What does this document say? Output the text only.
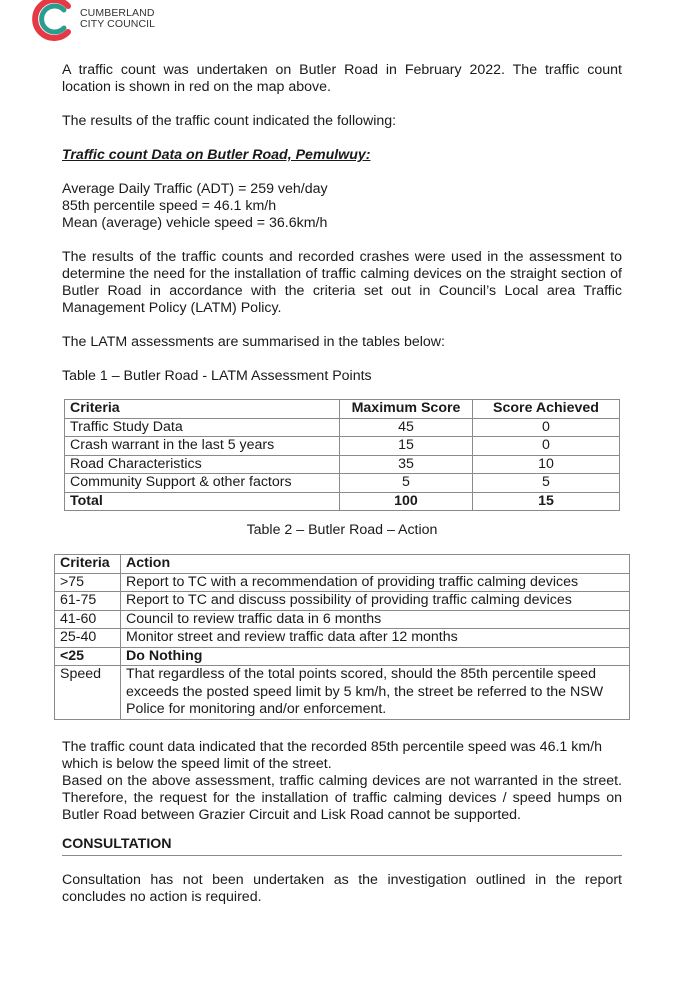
CUMBERLAND
CITY COUNCIL

A traffic count was undertaken on Butler Road in February 2022. The traffic count location is shown in red on the map above.

The results of the traffic count indicated the following:

Traffic count Data on Butler Road, Pemulwuy:

Average Daily Traffic (ADT) = 259 veh/day

85th percentile speed = 46.1 km/h

Mean (average) vehicle speed = 36.6km/h

The results of the traffic counts and recorded crashes were used in the assessment to determine the need for the installation of traffic calming devices on the straight section of Butler Road in accordance with the criteria set out in Council’s Local area Traffic Management Policy (LATM) Policy.

The LATM assessments are summarised in the tables below:

Table 1 – Butler Road - LATM Assessment Points

Criteria	Maximum Score	Score Achieved
Traffic Study Data	45	0
Crash warrant in the last 5 years	15	0
Road Characteristics	35	10
Community Support & other factors	5	5
Total	100	15

Table 2 – Butler Road – Action

Criteria	Action
>75	Report to TC with a recommendation of providing traffic calming devices
61-75	Report to TC and discuss possibility of providing traffic calming devices
41-60	Council to review traffic data in 6 months
25-40	Monitor street and review traffic data after 12 months
<25	Do Nothing
Speed	That regardless of the total points scored, should the 85th percentile speed exceeds the posted speed limit by 5 km/h, the street be referred to the NSW Police for monitoring and/or enforcement.

The traffic count data indicated that the recorded 85th percentile speed was 46.1 km/h which is below the speed limit of the street.

Based on the above assessment, traffic calming devices are not warranted in the street. Therefore, the request for the installation of traffic calming devices / speed humps on Butler Road between Grazier Circuit and Lisk Road cannot be supported.

CONSULTATION

Consultation has not been undertaken as the investigation outlined in the report concludes no action is required.
